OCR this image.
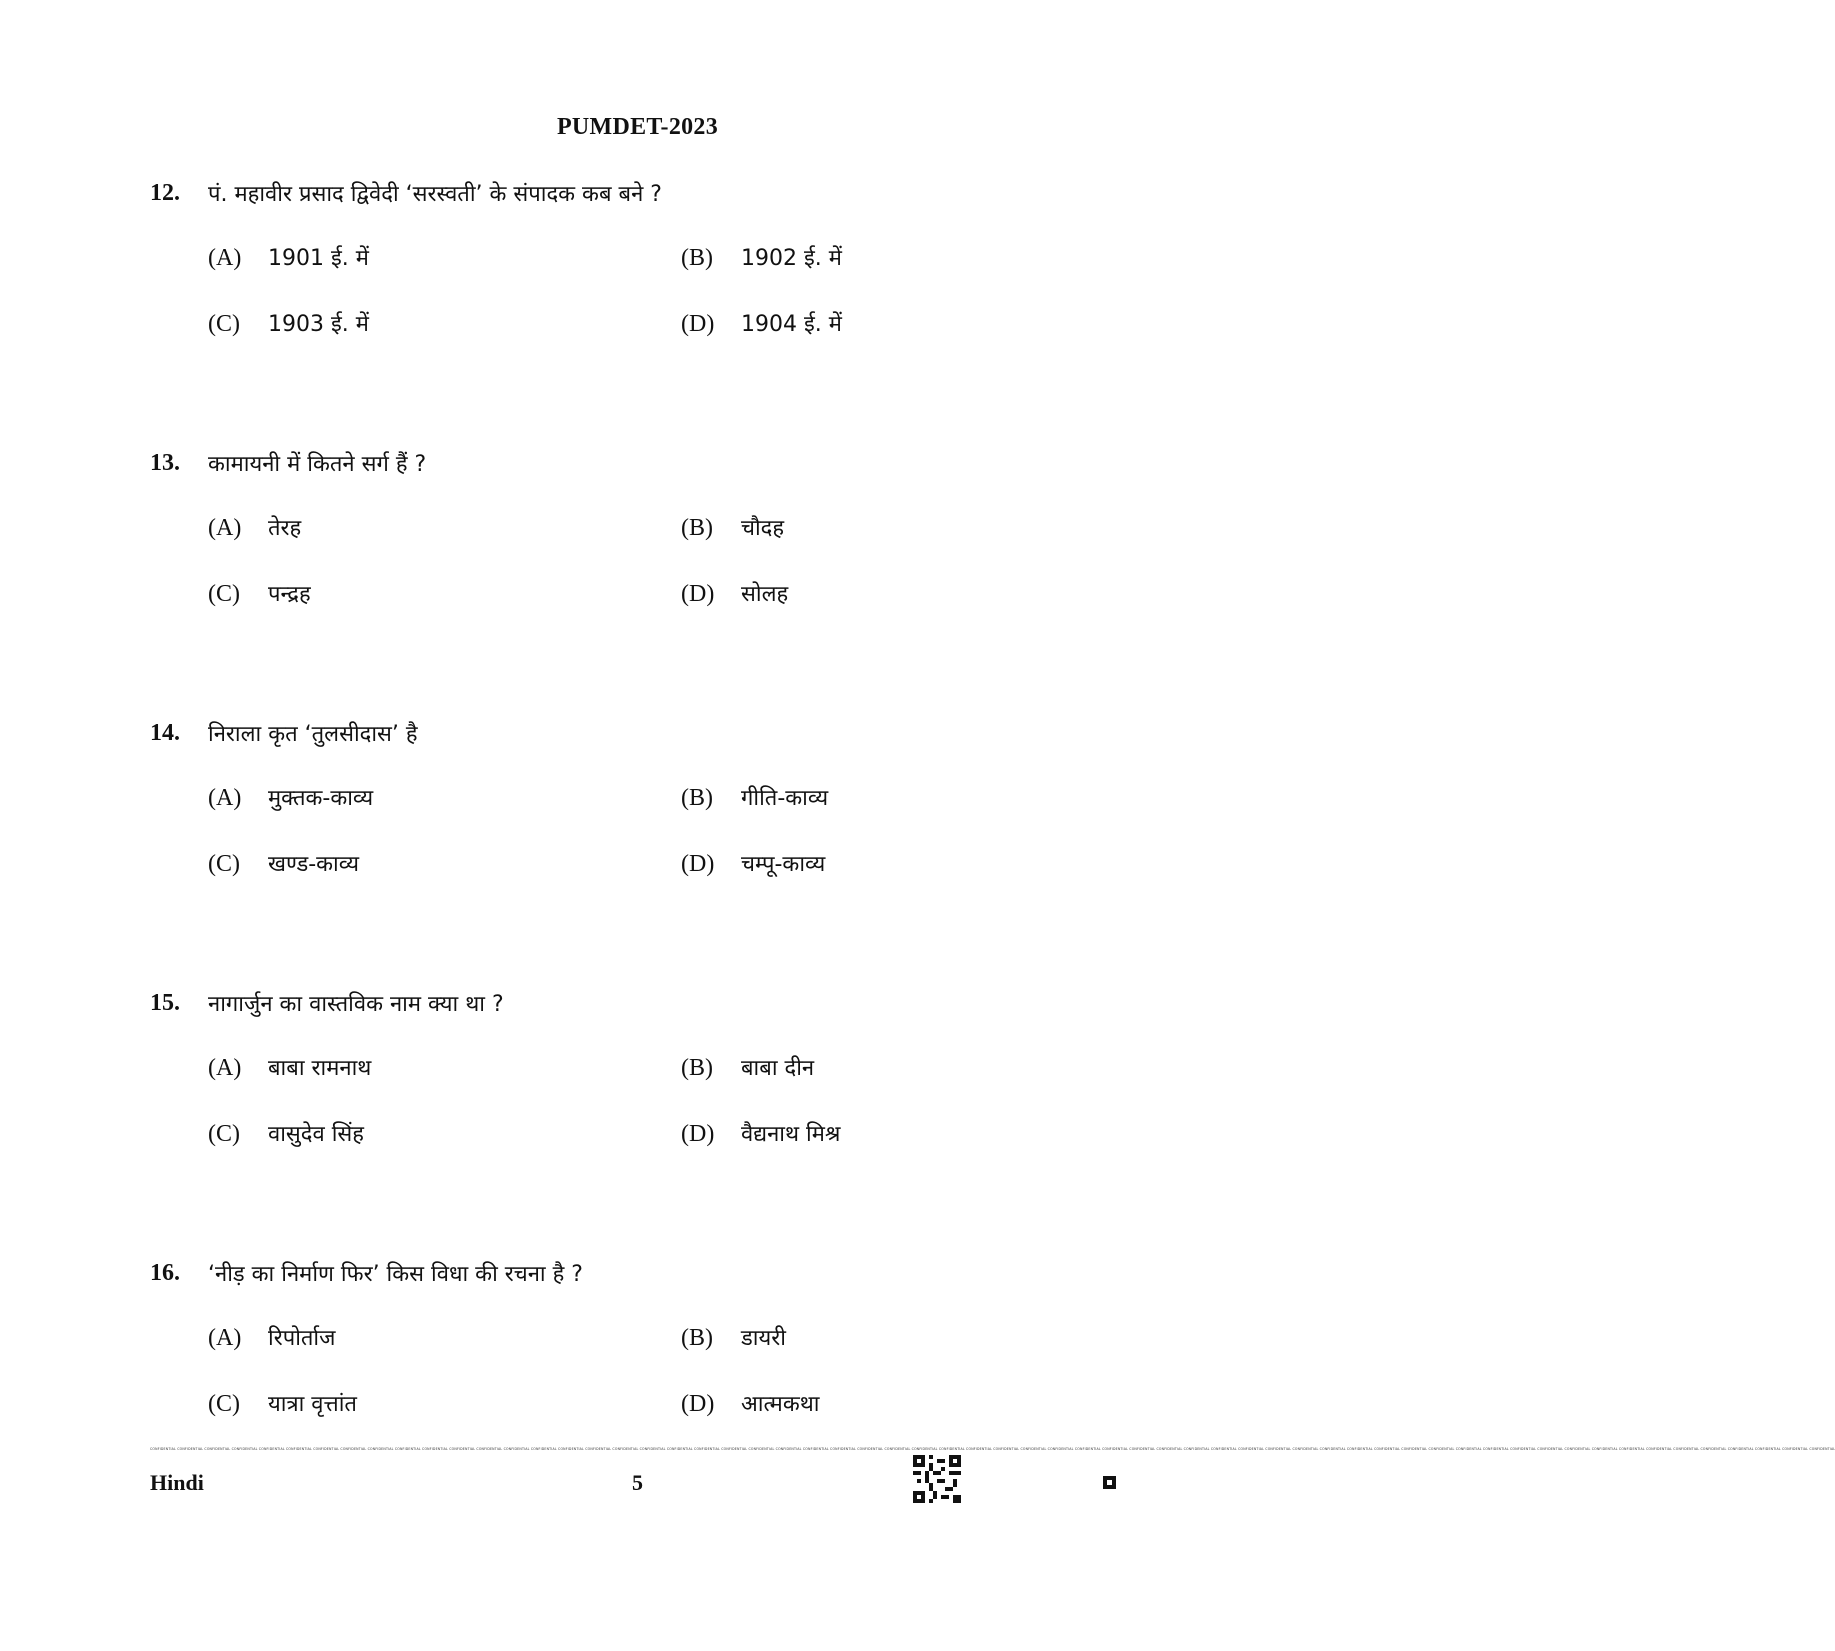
PUMDET-2023
12. पं. महावीर प्रसाद द्विवेदी ‘सरस्वती’ के संपादक कब बने ?
(A) 1901 ई. में	(B) 1902 ई. में
(C) 1903 ई. में	(D) 1904 ई. में
13. कामायनी में कितने सर्ग हैं ?
(A) तेरह	(B) चौदह
(C) पन्द्रह	(D) सोलह
14. निराला कृत ‘तुलसीदास’ है
(A) मुक्तक-काव्य	(B) गीति-काव्य
(C) खण्ड-काव्य	(D) चम्पू-काव्य
15. नागार्जुन का वास्तविक नाम क्या था ?
(A) बाबा रामनाथ	(B) बाबा दीन
(C) वासुदेव सिंह	(D) वैद्यनाथ मिश्र
16. ‘नीड़ का निर्माण फिर’ किस विधा की रचना है ?
(A) रिपोर्ताज	(B) डायरी
(C) यात्रा वृत्तांत	(D) आत्मकथा
CONFIDENTIAL CONFIDENTIAL CONFIDENTIAL CONFIDENTIAL CONFIDENTIAL CONFIDENTIAL CONFIDENTIAL CONFIDENTIAL CONFIDENTIAL CONFIDENTIAL CONFIDENTIAL CONFIDENTIAL CONFIDENTIAL CONFIDENTIAL CONFIDENTIAL CONFIDENTIAL CONFIDENTIAL CONFIDENTIAL CONFIDENTIAL CONFIDENTIAL CONFIDENTIAL CONFIDENTIAL CONFIDENTIAL CONFIDENTIAL CONFIDENTIAL CONFIDENTIAL CONFIDENTIAL CONFIDENTIAL CONFIDENTIAL CONFIDENTIAL CONFIDENTIAL CONFIDENTIAL CONFIDENTIAL CONFIDENTIAL CONFIDENTIAL CONFIDENTIAL CONFIDENTIAL CONFIDENTIAL CONFIDENTIAL CONFIDENTIAL CONFIDENTIAL CONFIDENTIAL CONFIDENTIAL CONFIDENTIAL CONFIDENTIAL CONFIDENTIAL CONFIDENTIAL CONFIDENTIAL CONFIDENTIAL CONFIDENTIAL CONFIDENTIAL CONFIDENTIAL CONFIDENTIAL CONFIDENTIAL CONFIDENTIAL CONFIDENTIAL CONFIDENTIAL CONFIDENTIAL CONFIDENTIAL CONFIDENTIAL CONFIDENTIAL CONFIDENTIAL
Hindi	5
